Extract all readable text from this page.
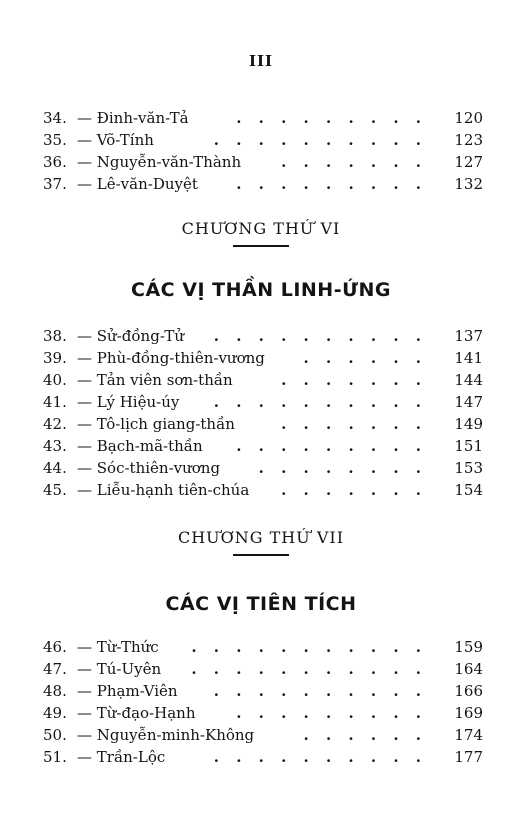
III
34. — Đinh-văn-Tả	. . . . . . . . . 120
35. — Võ-Tính	. . . . . . . . . . 123
36. — Nguyễn-văn-Thành	. . . . . . . 127
37. — Lê-văn-Duyệt	. . . . . . . . . 132
CHƯƠNG THỨ VI
CÁC VỊ THẦN LINH-ỨNG
38. — Sử-đồng-Tử . . . . . . . . . . 137
39. — Phù-đồng-thiên-vương	. . . . . . 141
40. — Tản viên sơn-thần	. . . . . . . 144
41. — Lý Hiệu-úy . . . . . . . . . . 147
42. — Tô-lịch giang-thần	. . . . . . . 149
43. — Bạch-mã-thần . . . . . . . . . 151
44. — Sóc-thiên-vương	. . . . . . . . 153
45. — Liễu-hạnh tiên-chúa . . . . . . . 154
CHƯƠNG THỨ VII
CÁC VỊ TIÊN TÍCH
46. — Từ-Thức . . . . . . . . . . . 159
47. — Tú-Uyên . . . . . . . . . . . 164
48. — Phạm-Viên . . . . . . . . . . 166
49. — Từ-đạo-Hạnh	. . . . . . . . . 169
50. — Nguyễn-minh-Không	. . . . . . 174
51. — Trần-Lộc	. . . . . . . . . . 177
